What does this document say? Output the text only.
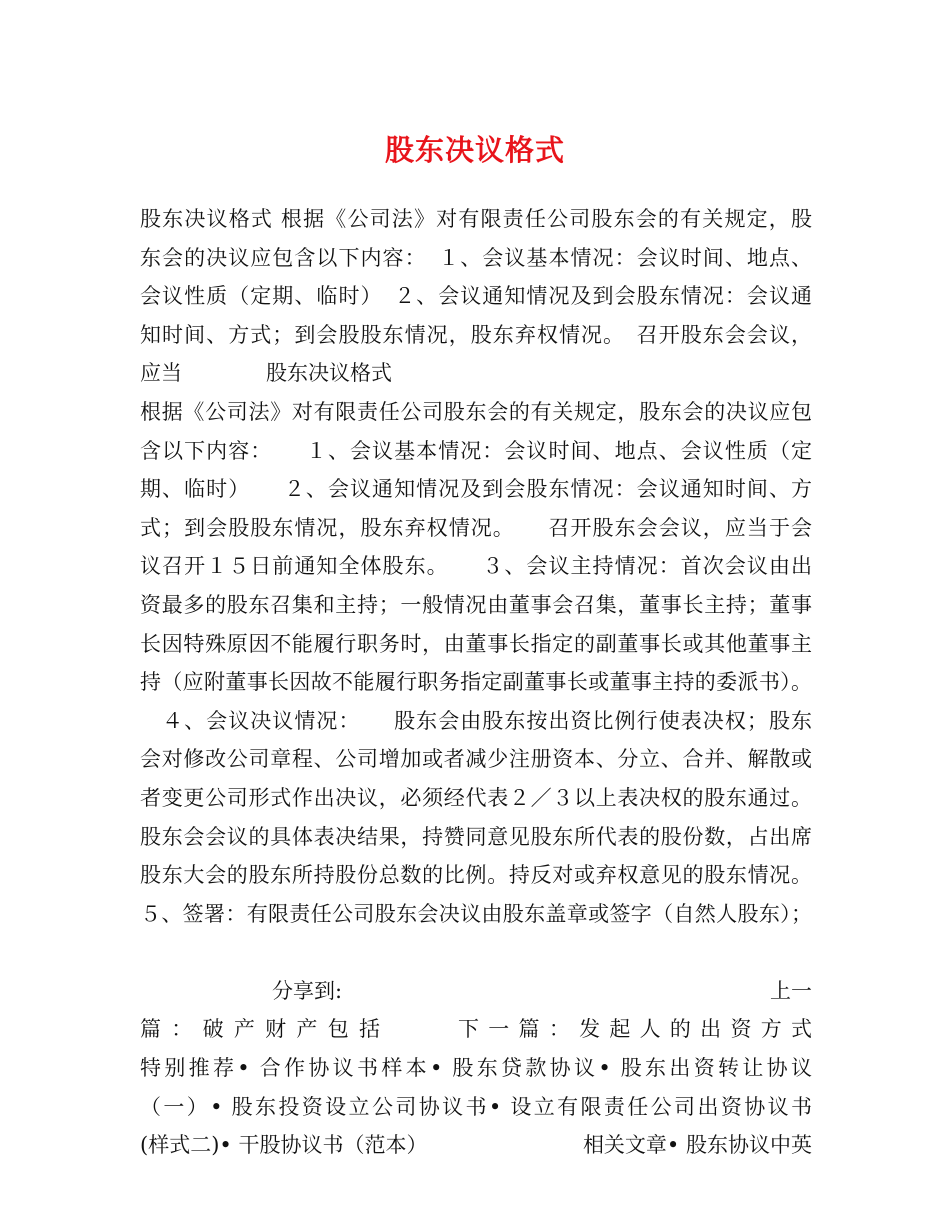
股东决议格式
股东决议格式 根据《公司法》对有限责任公司股东会的有关规定，股
东会的决议应包含以下内容：　１、会议基本情况：会议时间、地点、
会议性质（定期、临时）　２、会议通知情况及到会股东情况：会议通
知时间、方式；到会股股东情况，股东弃权情况。　召开股东会会议，
应当　　　　股东决议格式
根据《公司法》对有限责任公司股东会的有关规定，股东会的决议应包
含以下内容：　　１、会议基本情况：会议时间、地点、会议性质（定
期、临时）　　２、会议通知情况及到会股东情况：会议通知时间、方
式；到会股股东情况，股东弃权情况。　　召开股东会会议，应当于会
议召开１５日前通知全体股东。　　３、会议主持情况：首次会议由出
资最多的股东召集和主持；一般情况由董事会召集，董事长主持；董事
长因特殊原因不能履行职务时，由董事长指定的副董事长或其他董事主
持（应附董事长因故不能履行职务指定副董事长或董事主持的委派书）。
　４、会议决议情况：　　股东会由股东按出资比例行使表决权；股东
会对修改公司章程、公司增加或者减少注册资本、分立、合并、解散或
者变更公司形式作出决议，必须经代表２／３以上表决权的股东通过。
股东会会议的具体表决结果，持赞同意见股东所代表的股份数，占出席
股东大会的股东所持股份总数的比例。持反对或弃权意见的股东情况。
５、签署：有限责任公司股东会决议由股东盖章或签字（自然人股东）；
分享到:	上一
篇：破产财产包括	下一篇：发起人的出资方式
特别推荐• 合作协议书样本• 股东贷款协议• 股东出资转让协议
（一）• 股东投资设立公司协议书• 设立有限责任公司出资协议书
(样式二)• 干股协议书（范本）	相关文章• 股东协议中英
